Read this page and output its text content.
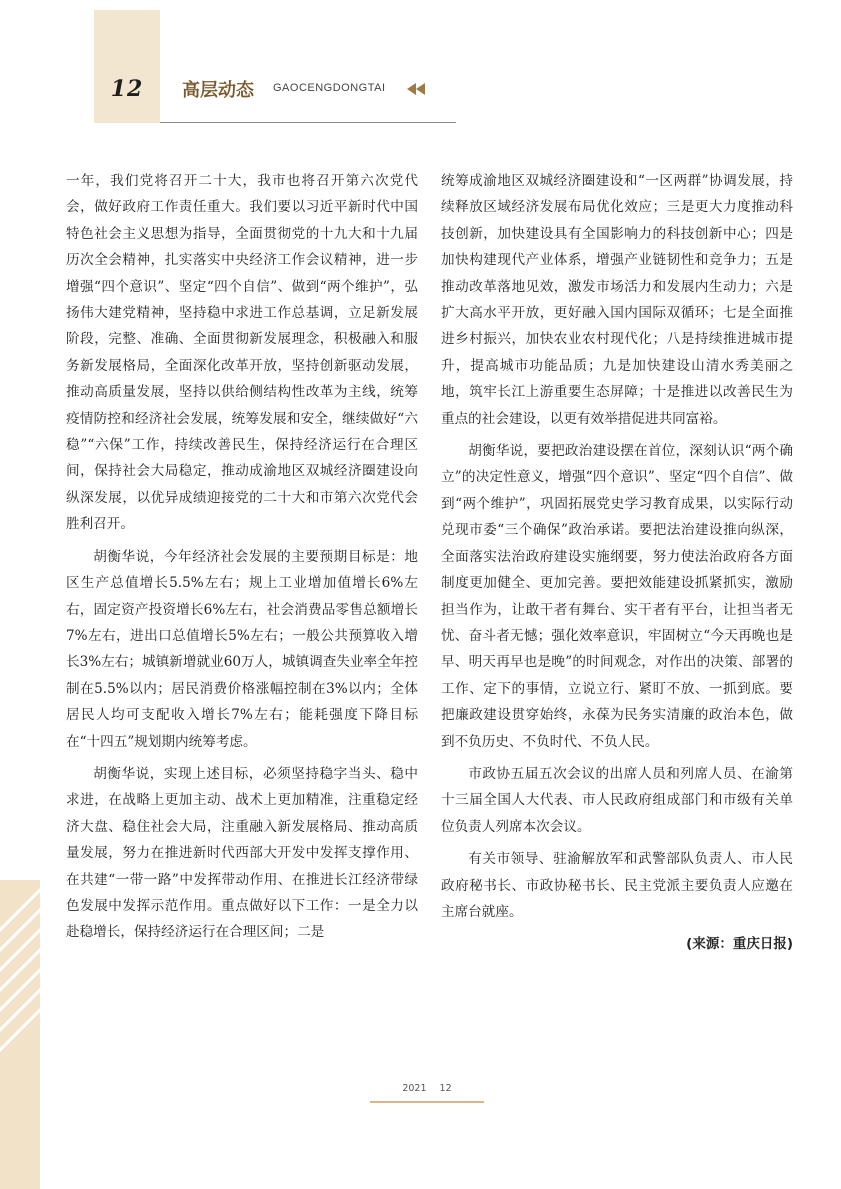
12	高层动态 GAOCENGDONGTAI

一年，我们党将召开二十大，我市也将召开第六次党代会，做好政府工作责任重大。我们要以习近平新时代中国特色社会主义思想为指导，全面贯彻党的十九大和十九届历次全会精神，扎实落实中央经济工作会议精神，进一步增强“四个意识”、坚定“四个自信”、做到“两个维护”，弘扬伟大建党精神，坚持稳中求进工作总基调，立足新发展阶段，完整、准确、全面贯彻新发展理念，积极融入和服务新发展格局，全面深化改革开放，坚持创新驱动发展，推动高质量发展，坚持以供给侧结构性改革为主线，统筹疫情防控和经济社会发展，统筹发展和安全，继续做好“六稳”“六保”工作，持续改善民生，保持经济运行在合理区间，保持社会大局稳定，推动成渝地区双城经济圈建设向纵深发展，以优异成绩迎接党的二十大和市第六次党代会胜利召开。

胡衡华说，今年经济社会发展的主要预期目标是：地区生产总值增长5.5%左右；规上工业增加值增长6%左右，固定资产投资增长6%左右，社会消费品零售总额增长7%左右，进出口总值增长5%左右；一般公共预算收入增长3%左右；城镇新增就业60万人，城镇调查失业率全年控制在5.5%以内；居民消费价格涨幅控制在3%以内；全体居民人均可支配收入增长7%左右；能耗强度下降目标在“十四五”规划期内统筹考虑。

胡衡华说，实现上述目标，必须坚持稳字当头、稳中求进，在战略上更加主动、战术上更加精准，注重稳定经济大盘、稳住社会大局，注重融入新发展格局、推动高质量发展，努力在推进新时代西部大开发中发挥支撑作用、在共建“一带一路”中发挥带动作用、在推进长江经济带绿色发展中发挥示范作用。重点做好以下工作：一是全力以赴稳增长，保持经济运行在合理区间；二是

统筹成渝地区双城经济圈建设和“一区两群”协调发展，持续释放区域经济发展布局优化效应；三是更大力度推动科技创新，加快建设具有全国影响力的科技创新中心；四是加快构建现代产业体系，增强产业链韧性和竞争力；五是推动改革落地见效，激发市场活力和发展内生动力；六是扩大高水平开放，更好融入国内国际双循环；七是全面推进乡村振兴，加快农业农村现代化；八是持续推进城市提升，提高城市功能品质；九是加快建设山清水秀美丽之地，筑牢长江上游重要生态屏障；十是推进以改善民生为重点的社会建设，以更有效举措促进共同富裕。

胡衡华说，要把政治建设摆在首位，深刻认识“两个确立”的决定性意义，增强“四个意识”、坚定“四个自信”、做到“两个维护”，巩固拓展党史学习教育成果，以实际行动兑现市委“三个确保”政治承诺。要把法治建设推向纵深，全面落实法治政府建设实施纲要，努力使法治政府各方面制度更加健全、更加完善。要把效能建设抓紧抓实，激励担当作为，让敢干者有舞台、实干者有平台，让担当者无忧、奋斗者无憾；强化效率意识，牢固树立“今天再晚也是早、明天再早也是晚”的时间观念，对作出的决策、部署的工作、定下的事情，立说立行、紧盯不放、一抓到底。要把廉政建设贯穿始终，永葆为民务实清廉的政治本色，做到不负历史、不负时代、不负人民。

市政协五届五次会议的出席人员和列席人员、在渝第十三届全国人大代表、市人民政府组成部门和市级有关单位负责人列席本次会议。

有关市领导、驻渝解放军和武警部队负责人、市人民政府秘书长、市政协秘书长、民主党派主要负责人应邀在主席台就座。

(来源：重庆日报)
2021 12
